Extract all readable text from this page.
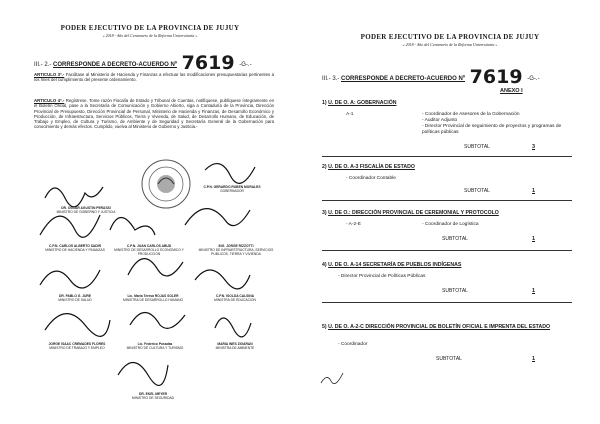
PODER EJECUTIVO DE LA PROVINCIA DE JUJUY
« 2018 - Año del Centenario de la Reforma Universitaria »
III.- 2.- CORRESPONDE A DECRETO-ACUERDO Nº 7619 -G-.-
ARTICULO 3º.- Facúltase al Ministerio de Hacienda y Finanzas a efectuar las modificaciones presupuestarias pertinentes a los fines del cumplimiento del presente ordenamiento.
ARTICULO 4º.- Regístrese. Tome razón Fiscalía de Estado y Tribunal de Cuentas, notifíquese, publíquese íntegramente en el Boletín Oficial, pase a la Secretaría de Comunicación y Gobierno Abierto, siga a Contaduría de la Provincia, Dirección Provincial de Presupuesto, Dirección Provincial de Personal, Ministerio de Hacienda y Finanzas, de Desarrollo Económico y Producción, de Infraestructura, Servicios Públicos, Tierra y Vivienda, de Salud, de Desarrollo Humano, de Educación, de Trabajo y Empleo, de Cultura y Turismo, de Ambiente y de Seguridad y Secretaría General de la Gobernación para conocimiento y demás efectos. Cumplido, vuelva al Ministerio de Gobierno y Justicia.-
DR. OSCAR AGUSTIN PERASSI
MINISTRO DE GOBIERNO Y JUSTICIA
C.P.N. GERARDO RUBEN MORALES
GOBERNADOR
C.P.N. CARLOS ALBERTO SADIR
MINISTRO DE HACIENDA Y FINANZAS
C.P.N. JUAN CARLOS ABUD
MINISTRO DE DESARROLLO ECONOMICO Y PRODUCCION
ING. JORGE RIZZOTTI
MINISTRO DE INFRAESTRUCTURA, SERVICIOS PUBLICOS, TIERRA Y VIVIENDA
DR. PABLO G. JURE
MINISTRO DE SALUD
Lic. María Teresa ROJAS SOLER
MINISTRA DE DESARROLLO HUMANO
C.P.N. ISOLDA CALSINA
MINISTRA DE EDUCACION
JORGE ISAAC CREMADES FLORES
MINISTRO DE TRABAJO Y EMPLEO
Lic. Federico Posadas
MINISTRO DE CULTURA Y TURISMO
MARIA INES ZIGARAN
MINISTRA DE AMBIENTE
DR. EKEL MEYER
MINISTRO DE SEGURIDAD
PODER EJECUTIVO DE LA PROVINCIA DE JUJUY
« 2018 - Año del Centenario de la Reforma Universitaria »
III.- 3.- CORRESPONDE A DECRETO-ACUERDO Nº 7619 -G-.-
ANEXO I
1) U. DE O. A: GOBERNACIÓN
A-1	- Coordinador de Asesores de la Gobernación
- Auditor Adjunto
- Director Provincial de seguimiento de proyectos y programas de políticas públicas
SUBTOTAL	3
2) U. DE O. A-3 FISCALÍA DE ESTADO
- Coordinador Contable
SUBTOTAL	1
3) U. DE O.: DIRECCIÓN PROVINCIAL DE CEREMONIAL Y PROTOCOLO
- A-2-E	- Coordinador de Logística
SUBTOTAL	1
4) U. DE O. A-14 SECRETARÍA DE PUEBLOS INDÍGENAS
- Director Provincial de Políticas Públicas
SUBTOTAL	1
5) U. DE O. A-2-C DIRECCIÓN PROVINCIAL DE BOLETÍN OFICIAL E IMPRENTA DEL ESTADO
- Coordinador
SUBTOTAL	1
